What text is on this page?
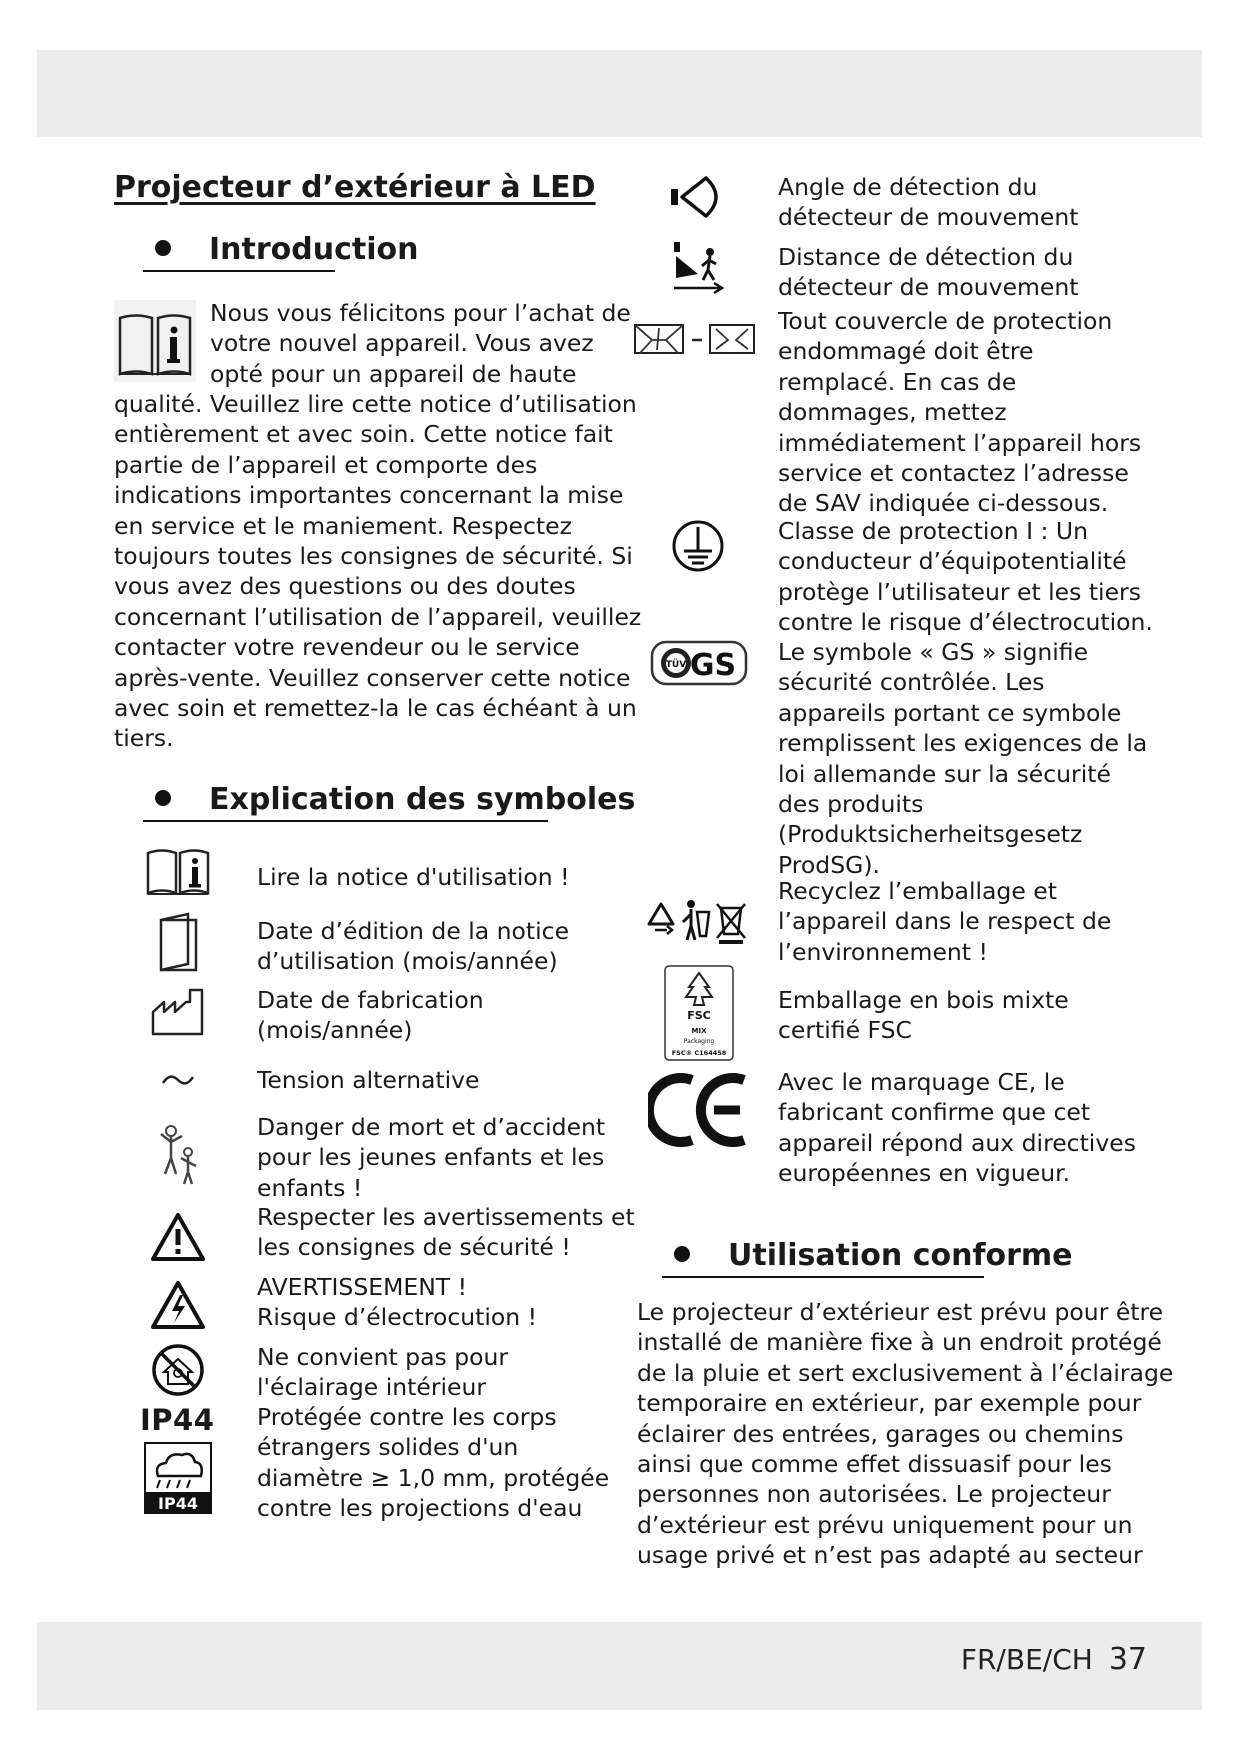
Projecteur d’extérieur à LED
Introduction
Nous vous félicitons pour l’achat de
votre nouvel appareil. Vous avez
opté pour un appareil de haute
qualité. Veuillez lire cette notice d’utilisation
entièrement et avec soin. Cette notice fait
partie de l’appareil et comporte des
indications importantes concernant la mise
en service et le maniement. Respectez
toujours toutes les consignes de sécurité. Si
vous avez des questions ou des doutes
concernant l’utilisation de l’appareil, veuillez
contacter votre revendeur ou le service
après-vente. Veuillez conserver cette notice
avec soin et remettez-la le cas échéant à un
tiers.
Explication des symboles
Lire la notice d'utilisation !
Date d’édition de la notice
d’utilisation (mois/année)
Date de fabrication
(mois/année)
Tension alternative
Danger de mort et d’accident
pour les jeunes enfants et les
enfants !
Respecter les avertissements et
les consignes de sécurité !
AVERTISSEMENT !
Risque d’électrocution !
Ne convient pas pour
l'éclairage intérieur
IP44
IP44
Protégée contre les corps
étrangers solides d'un
diamètre ≥ 1,0 mm, protégée
contre les projections d'eau
Angle de détection du
détecteur de mouvement
Distance de détection du
détecteur de mouvement
Tout couvercle de protection
endommagé doit être
remplacé. En cas de
dommages, mettez
immédiatement l’appareil hors
service et contactez l’adresse
de SAV indiquée ci-dessous.
Classe de protection I : Un
conducteur d’équipotentialité
protège l’utilisateur et les tiers
contre le risque d’électrocution.
TÜV GS Le symbole « GS » signifie
sécurité contrôlée. Les
appareils portant ce symbole
remplissent les exigences de la
loi allemande sur la sécurité
des produits
(Produktsicherheitsgesetz
ProdSG).
Recyclez l’emballage et
l’appareil dans le respect de
l’environnement !
FSC
MIX
Packaging
FSC® C164458
Emballage en bois mixte
certifié FSC
Avec le marquage CE, le
fabricant confirme que cet
appareil répond aux directives
européennes en vigueur.
Utilisation conforme
Le projecteur d’extérieur est prévu pour être
installé de manière fixe à un endroit protégé
de la pluie et sert exclusivement à l’éclairage
temporaire en extérieur, par exemple pour
éclairer des entrées, garages ou chemins
ainsi que comme effet dissuasif pour les
personnes non autorisées. Le projecteur
d’extérieur est prévu uniquement pour un
usage privé et n’est pas adapté au secteur
FR/BE/CH 37
